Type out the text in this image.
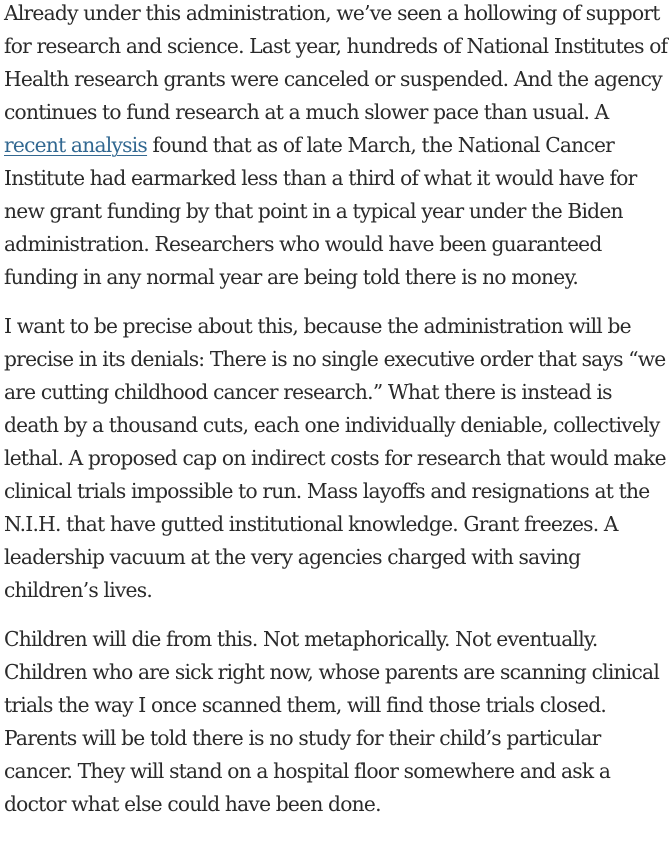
Already under this administration, we’ve seen a hollowing of support for research and science. Last year, hundreds of National Institutes of Health research grants were canceled or suspended. And the agency continues to fund research at a much slower pace than usual. A recent analysis found that as of late March, the National Cancer Institute had earmarked less than a third of what it would have for new grant funding by that point in a typical year under the Biden administration. Researchers who would have been guaranteed funding in any normal year are being told there is no money.

I want to be precise about this, because the administration will be precise in its denials: There is no single executive order that says “we are cutting childhood cancer research.” What there is instead is death by a thousand cuts, each one individually deniable, collectively lethal. A proposed cap on indirect costs for research that would make clinical trials impossible to run. Mass layoffs and resignations at the N.I.H. that have gutted institutional knowledge. Grant freezes. A leadership vacuum at the very agencies charged with saving children’s lives.

Children will die from this. Not metaphorically. Not eventually. Children who are sick right now, whose parents are scanning clinical trials the way I once scanned them, will find those trials closed. Parents will be told there is no study for their child’s particular cancer. They will stand on a hospital floor somewhere and ask a doctor what else could have been done.
